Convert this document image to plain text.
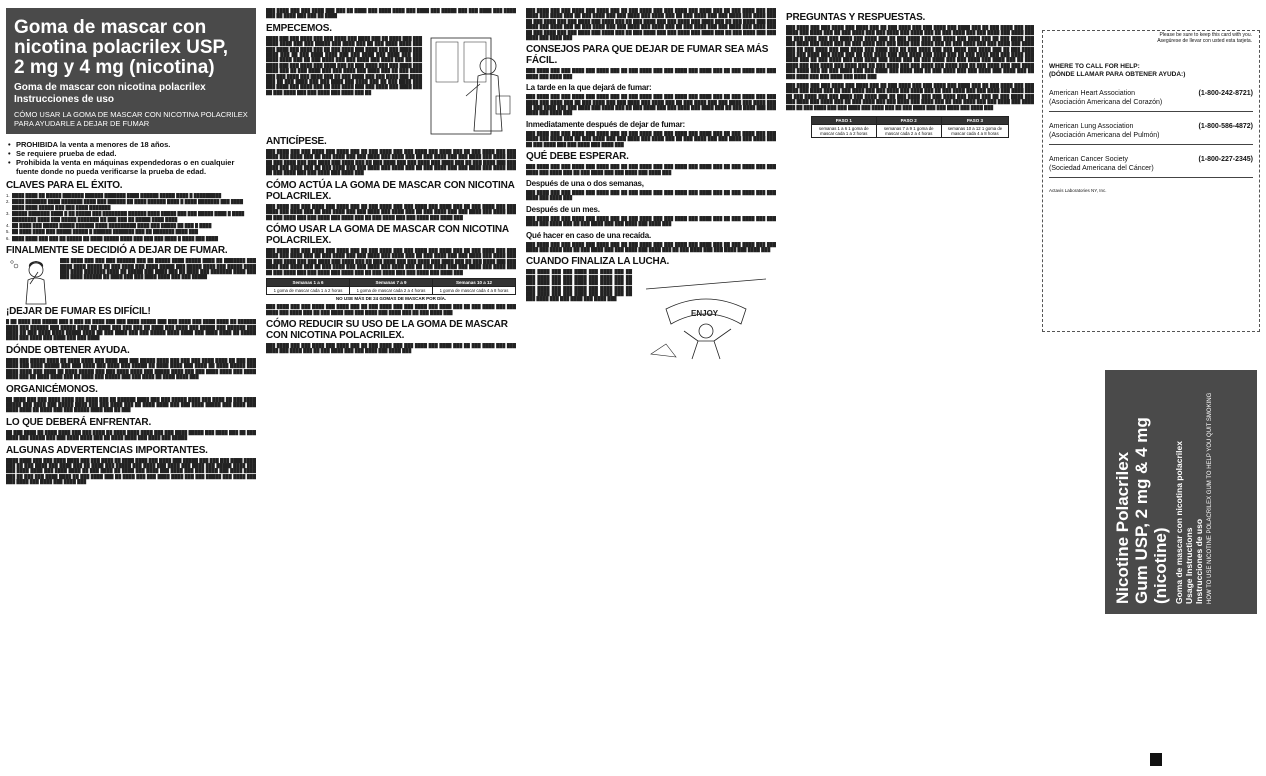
Goma de mascar con nicotina polacrilex USP,
2 mg y 4 mg (nicotina)
Goma de mascar con nicotina polacrilex
Instrucciones de uso
CÓMO USAR LA GOMA DE MASCAR CON NICOTINA POLACRILEX PARA AYUDARLE A DEJAR DE FUMAR
• PROHIBIDA la venta a menores de 18 años.
• Se requiere prueba de edad.
• Prohibida la venta en máquinas expendedoras o en cualquier fuente donde no pueda verificarse la prueba de edad.
CLAVES PARA EL ÉXITO.
1. ████ ████ ██ █████ ███████ ██████ ███████ ████ ██████ █████ ████ █ █████████
2. ████ ███████ ████ ███████ ████ ███ ██████ ██ ████ ██████ ████ █ ████ ███████ ███ ████ ████ ████ █████ ███ ███ ████ ███████
3. █████ ███████ ████ █ ██ █████ ███ ████████ ██████ ████ █████ ███ ███ █████ ████ █ ████ ████████ ████ ███ █████ ███████ ██ ███ ███ ██ █████ ████ ████
4. ██ ████ ███ █████ █████ ██████ ████ █████████ ████ ███ █████ ██ ███ █ ████
5. ██ ████ ████ ███ █████ █████ █ ██████ ███████ ███ ██ ███████ ████ ███
6. ████ ████ ███ ███ ██ █████ ██ ████ █████ ████ ███ ███ ███ ████ █ ████ ███ ████
FINALMENTE SE DECIDIÓ A DEJAR DE FUMAR.
███ ████ ███ ███ ███ ██████ ███ ██ █████ ████ █████ ████ ██ ███████ ███ ████ ████ █████ ██ ███ ████ ███ ████ █████ ███ █████ ████ ███ █████ ████ ███ ████ ███████ ████ ██ █████ ███ ████ ███ ██ ████ ███ ███████ ████ ███ ███ ████ ██████ ██ ████ ███ ███ ████ ████ ███ ███ █████
¡DEJAR DE FUMAR ES DIFÍCIL!
█ ██ ████ ███ █████ ███ █ ███ ██ ████ ███ ███ ████ █████ ███ ███ ████ ███ ████ ████ ██ ██████ ████ ███ ██████ ███ █████ ████ ██ ████ ███ ███ ███ ██ ████ ███ ████ ███ █████ ███ ██████ ███ ████ ██ ███ ████ ████ █████ ████ ██ ███ ████ ███ ███ █████ ████ ████ ███ ████ ████ ██ █████ ████ ███ ████ ███ ████ ███ ███ ████
DÓNDE OBTENER AYUDA.
████ ███ █████ ████ ██ ████ ████ ███ ████ ███ ███ █████ ████ ███ ███ ███ ████ ████ ██ ███ ███ ████ ███ ████ █████ ███ ███ ████ ███ ████ ███ █████ ██ ████ ████ ███ ████ ██ ████ █████ ███ ████ ████ ███ ████ ██ ████ █████ ███ ███ ████ ████ ███ █████ ████ ███ ███ ████ ████ ███ ████ ████ ███ ██ ████ ████ ███ ██ ████ ███ █████ ███ ███ ████ ██ ████ ████ ███
ORGANICÉMONOS.
██ ████ ███ ███ ████ ████ ███ ████ ███ ██ ██████ ████ ███ ███ █████ ████ ███ ████ ██ ███ ████ █████ ███ ████ ███ █████ ████ ███ ███ ████ ███ ██ ████ ████ ███ ███ ████ █████ ███ ████ ███ ████ ████ ██ ████ ███ ███ █████ ████ ███ ██ ███
LO QUE DEBERÁ ENFRENTAR.
██ ███ ████ ██ ████ ████ ███ ███ ████ ██ ████ ████ ████ ███ ███ ████ █████ ███ ████ ███ ██ ███ ████ ███ █████ ███ ███ ████ ████ ███ ██ ████ ████ ███ ████ ███ █████
ALGUNAS ADVERTENCIAS IMPORTANTES.
████ ████ ███ ███ ████ ████ ███ ███ ████ ██ ████ ████ ███ ████ ███ █████ ███ ███ ███ ████ ████ ███ ██ ███ ████ ███ ████ ███ ██ ████ ███ █████ ███ ████ ███ ████ ███ ████ ███ █████ ████ ███ ███ ████ ████ ███ ████ ████ ██ ███ ████ ██ ████ ███ ████ ███ ████ ███ ███ ████ ███ ████ ████ ███ ██ ███ ███ ████ ████ ██ ███ ████ ███ ██ ████ ███ ███ ████ ████ ███ ███ █████ ███ ████ ███ ███ ████ ███ ████ ███ ████ ███
███ ████ ███ ███ ████ ███ ███ ██ ████ ███ ████ ████ ███ ████ ███ █████ ███ ███ ████ ███ ████ ███ ██ ████ ███ ███ ██ ████
EMPECEMOS.
████ ███ ███ ████ ███ ███ ████ ███ ████ ███ ██ ████ ███ ███ ████ ████ ███ ███ █████ ███ ████ ███ ██ ███ ████ ████ ███ ███ ████ ███ ████ ███ ██ ███ ████ ███ ████ ███ ███ ████ ███ ████ ███ ██ ███ ████ ████ ███ ███ ████ ███ ████ ███ ███ ████ ████ ███ ██ ███ ████ ███ ███ ████ ███ ████ ███ ██ ███ ████ ███ ███ ████ ███ ████ ███ ██ ███ ████ ███ ███ ████ ███ ████ ███ ██ ███ ████ ███ ███ ████ ███ ████ ███ ██ ███ ████ ███ ███ ████ ███ ████ ███ ██ ███ ████ ███ ███ ████ ███ ████ ███ ██ ███ ████ ███ ███ ████ ███ ████ ███ ██ ███ ████ ███ ███ ████ ███ ████ ███ ██ ███ ████ ███ ███ ████ ███ ████ ███ ██ ███ ████ ███ ███ ████ ███ ████ ███ ██
ANTICÍPESE.
███ ████ ███ ███ ████ ███ ████ ███ ██ ███ ████ ███ ███ ████ ███ ████ ███ ██ ███ ████ ███ ███ ████ ███ ████ ███ ██ ███ ████ ███ ███ ████ ███ ████ ███ ██ ███ ████ ███ ███ ████ ███ ████ ███ ██ ███ ████ ███ ███ ████ ███ ████ ███ ██ ███ ████ ███ ███ ████ ███ ████ ███ ██ ███ ████ ███ ███ ████ ███ ████ ███ ██ ███ ████ ███ ███ ████ ███ ████ ███ ██ ███ ████ ███ ███ ████ ███ ████ ███ ██ ███ ████ ███ ███ ████ ███ ████ ███
CÓMO ACTÚA LA GOMA DE MASCAR CON NICOTINA POLACRILEX.
███ ████ ███ ███ ████ ███ ████ ███ ██ ███ ████ ███ ███ ████ ███ ████ ███ ██ ███ ████ ███ ███ ████ ███ ████ ███ ██ ███ ████ ███ ███ ████ ███ ████ ███ ██ ███ ████ ███ ███ ████ ███ ████ ███ ██ ███ ████ ███ ███ ████ ███ ████ ███ ██ ███ ████ ███ ███ ████ ███ ████ ███
CÓMO USAR LA GOMA DE MASCAR CON NICOTINA POLACRILEX.
███ ████ ███ ███ ████ ███ ████ ███ ██ ███ ████ ███ ███ ████ ███ ████ ███ ██ ███ ████ ███ ███ ████ ███ ████ ███ ██ ███ ████ ███ ███ ████ ███ ████ ███ ██ ███ ████ ███ ███ ████ ███ ████ ███ ██ ███ ████ ███ ███ ████ ███ ████ ███ ██ ███ ████ ███ ███ ████ ███ ████ ███ ██ ███ ████ ███ ███ ████ ███ ████ ███ ██ ███ ████ ███ ███ ████ ███ ████ ███ ██ ███ ████ ███ ███ ████ ███ ████ ███ ██ ███ ████ ███ ███ ████ ███ ████ ███ ██ ███ ████ ███ ███ ████ ███ ████ ███
Semanas 1 a 6	Semanas 7 a 9	Semanas 10 a 12
1 goma de mascar cada 1 a 2 horas	1 goma de mascar cada 2 a 4 horas	1 goma de mascar cada 4 a 8 horas
NO USE MÁS DE 24 GOMAS DE MASCAR POR DÍA.
███ ████ ███ ███ ████ ███ ████ ███ ██ ███ ████ ███ ███ ████ ███ ████ ███ ██ ███ ████ ███ ███ ████ ███ ████ ███ ██ ███ ████ ███ ███ ████ ███ ████ ███ ██ ███ ████ ███
CÓMO REDUCIR SU USO DE LA GOMA DE MASCAR CON NICOTINA POLACRILEX.
███ ████ ███ ███ ████ ███ ████ ███ ██ ███ ████ ███ ███ ████ ███ ████ ███ ██ ███ ████ ███ ███ ████ ███ ████ ███ ██ ███ ████ ███ ███ ████ ███ ████ ███
███ ████ ███ ███ ████ ███ ████ ███ ██ ███ ████ ███ ███ ████ ███ ████ ███ ██ ███ ████ ███ ███ ████ ███ ████ ███ ██ ███ ████ ███ ███ ████ ███ ████ ███ ██ ███ ████ ███ ███ ████ ███ ████ ███ ██ ███ ████ ███ ███ ████ ███ ████ ███ ██ ███ ████ ███ ███ ████ ███ ████ ███ ██ ███ ████ ███ ███ ████ ███ ████ ███ ██ ███ ████ ███ ███ ████ ███ ████ ███ ██ ███ ████ ███ ███ ████ ███ ████ ███ ██ ███ ████ ███ ███ ████ ███ ████ ███ ██ ███ ████ ███ ███ ████ ███ ████ ███ ██ ███ ████ ███ ███ ████ ███ ████ ███
CONSEJOS PARA QUE DEJAR DE FUMAR SEA MÁS FÁCIL.
███ ████ ███ ███ ████ ███ ████ ███ ██ ███ ████ ███ ███ ████ ███ ████ ███ ██ ███ ████ ███ ███ ████ ███ ████ ███
La tarde en la que dejará de fumar:
███ ████ ███ ███ ████ ███ ████ ███ ██ ███ ████ ███ ███ ████ ███ ████ ███ ██ ███ ████ ███ ███ ████ ███ ████ ███ ██ ███ ████ ███ ███ ████ ███ ████ ███ ██ ███ ████ ███ ███ ████ ███ ████ ███ ██ ███ ████ ███ ███ ████ ███ ████ ███ ██ ███ ████ ███ ███ ████ ███ ████ ███ ██ ███ ████ ███ ███ ████ ███ ████ ███
Inmediatamente después de dejar de fumar:
███ ████ ███ ███ ████ ███ ████ ███ ██ ███ ████ ███ ███ ████ ███ ████ ███ ██ ███ ████ ███ ███ ████ ███ ████ ███ ██ ███ ████ ███ ███ ████ ███ ████ ███ ██ ███ ████ ███ ███ ████ ███ ████ ███ ██ ███ ████ ███ ███ ████ ███ ████ ███
QUÉ DEBE ESPERAR.
███ ████ ███ ███ ████ ███ ████ ███ ██ ███ ████ ███ ███ ████ ███ ████ ███ ██ ███ ████ ███ ███ ████ ███ ████ ███ ██ ███ ████ ███ ███ ████ ███ ████ ███
Después de una o dos semanas,
███ ████ ███ ███ ████ ███ ████ ███ ██ ███ ████ ███ ███ ████ ███ ████ ███ ██ ███ ████ ███ ███ ████ ███ ████ ███
Después de un mes.
███ ████ ███ ███ ████ ███ ████ ███ ██ ███ ████ ███ ███ ████ ███ ████ ███ ██ ███ ████ ███ ███ ████ ███ ████ ███ ██ ███ ████ ███ ███ ████ ███ ████ ███
Qué hacer en caso de una recaída.
███ ████ ███ ███ ████ ███ ████ ███ ██ ███ ████ ███ ███ ████ ███ ████ ███ ██ ███ ████ ███ ███ ████ ███ ████ ███ ██ ███ ████ ███ ███ ████ ███ ████ ███ ██ ███ ████ ███ ███ ████ ███ ████ ███
CUANDO FINALIZA LA LUCHA.
ENJOY
███ ████ ███ ███ ████ ███ ████ ███ ██ ███ ████ ███ ███ ████ ███ ████ ███ ██ ███ ████ ███ ███ ████ ███ ████ ███ ██ ███ ████ ███ ███ ████ ███ ████ ███ ██ ███ ████ ███ ███ ████ ███ ████ ███ ██ ███ ████ ███ ███ ████ ███ ████ ███
PREGUNTAS Y RESPUESTAS.
███ ████ ███ ███ ████ ███ ████ ███ ██ ███ ████ ███ ███ ████ ███ ████ ███ ██ ███ ████ ███ ███ ████ ███ ████ ███ ██ ███ ████ ███ ███ ████ ███ ████ ███ ██ ███ ████ ███ ███ ████ ███ ████ ███ ██ ███ ████ ███ ███ ████ ███ ████ ███ ██ ███ ████ ███ ███ ████ ███ ████ ███ ██ ███ ████ ███ ███ ████ ███ ████ ███ ██ ███ ████ ███ ███ ████ ███ ████ ███ ██ ███ ████ ███ ███ ████ ███ ████ ███ ██ ███ ████ ███ ███ ████ ███ ████ ███ ██ ███ ████ ███ ███ ████ ███ ████ ███ ██ ███ ████ ███ ███ ████ ███ ████ ███ ██ ███ ████ ███ ███ ████ ███ ████ ███ ██ ███ ████ ███ ███ ████ ███ ████ ███ ██ ███ ████ ███ ███ ████ ███ ████ ███ ██ ███ ████ ███ ███ ████ ███ ████ ███ ██ ███ ████ ███ ███ ████ ███ ████ ███ ██ ███ ████ ███ ███ ████ ███ ████ ███ ██ ███ ████ ███ ███ ████ ███ ████ ███ ██ ███ ████ ███ ███ ████ ███ ████ ███ ██ ███ ████ ███ ███ ████ ███ ████ ███ ██ ███ ████ ███ ███ ████ ███ ████ ███
███ ████ ███ ███ ████ ███ ████ ███ ██ ███ ████ ███ ███ ████ ███ ████ ███ ██ ███ ████ ███ ███ ████ ███ ████ ███ ██ ███ ████ ███ ███ ████ ███ ████ ███ ██ ███ ████ ███ ███ ████ ███ ████ ███ ██ ███ ████ ███ ███ ████ ███ ████ ███ ██ ███ ████ ███ ███ ████ ███ ████ ███ ██ ███ ████ ███ ███ ████ ███ ████ ███ ██ ███ ████ ███ ███ ████ ███ ████ ███ ██ ███ ████ ███ ███ ████ ███ ████ ███ ██ ███ ████ ███ ███ ████ ███ ████ ███ ██ ███ ████ ███ ███ ████ ███ ████ ███
PASO 1	PASO 2	PASO 3
semanas 1 a 6 1 goma de mascar cada 1 a 2 horas	semanas 7 a 9 1 goma de mascar cada 2 a 4 horas	semanas 10 a 12 1 goma de mascar cada 4 a 8 horas
Please be sure to keep this card with you.
Asegúrese de llevar con usted esta tarjeta.
WHERE TO CALL FOR HELP:
(DÓNDE LLAMAR PARA OBTENER AYUDA:)
American Heart Association	(1-800-242-8721)
(Asociación Americana del Corazón)
American Lung Association	(1-800-586-4872)
(Asociación Americana del Pulmón)
American Cancer Society	(1-800-227-2345)
(Sociedad Americana del Cáncer)
Actavis Laboratories NY, Inc.
Nicotine Polacrilex
Gum USP, 2 mg & 4 mg
(nicotine) Goma de mascar con nicotina polacrilex
Usage Instructions
Instrucciones de uso HOW TO USE NICOTINE POLACRILEX GUM TO HELP YOU QUIT SMOKING
